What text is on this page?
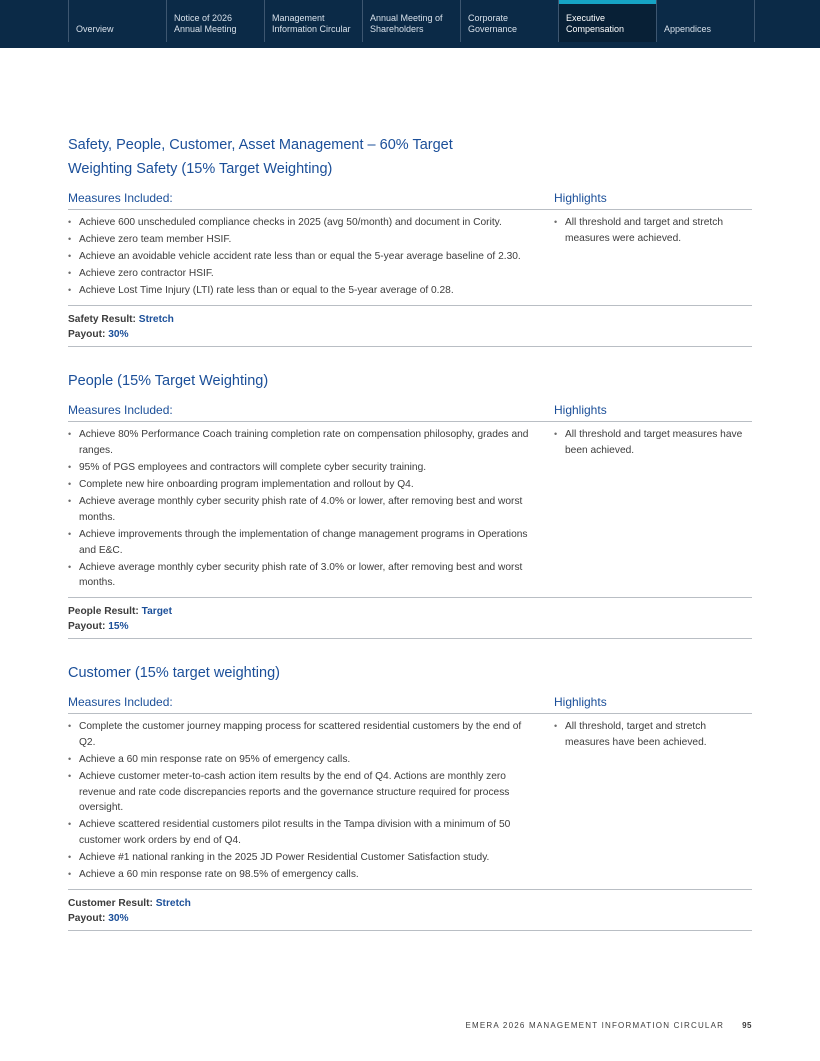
Overview
Notice of 2026
Annual Meeting
Management
Information Circular
Annual Meeting of
Shareholders
Corporate
Governance
Executive
Compensation	Appendices
Safety, People, Customer, Asset Management – 60% Target
Weighting Safety (15% Target Weighting)
Measures Included:	Highlights
• Achieve 600 unscheduled compliance checks in 2025 (avg 50/month) and document in Cority.
• Achieve zero team member HSIF.
• Achieve an avoidable vehicle accident rate less than or equal the 5-year average baseline of 2.30.
• Achieve zero contractor HSIF.
• Achieve Lost Time Injury (LTI) rate less than or equal to the 5-year average of 0.28.
• All threshold and target and stretch measures were achieved.
Safety Result: Stretch
Payout: 30%
People (15% Target Weighting)
Measures Included:	Highlights
• Achieve 80% Performance Coach training completion rate on compensation philosophy, grades and ranges.
• 95% of PGS employees and contractors will complete cyber security training.
• Complete new hire onboarding program implementation and rollout by Q4.
• Achieve average monthly cyber security phish rate of 4.0% or lower, after removing best and worst months.
• Achieve improvements through the implementation of change management programs in Operations and E&C.
• Achieve average monthly cyber security phish rate of 3.0% or lower, after removing best and worst months.
• All threshold and target measures have been achieved.
People Result: Target
Payout: 15%
Customer (15% target weighting)
Measures Included:	Highlights
• Complete the customer journey mapping process for scattered residential customers by the end of Q2.
• Achieve a 60 min response rate on 95% of emergency calls.
• Achieve customer meter-to-cash action item results by the end of Q4. Actions are monthly zero revenue and rate code discrepancies reports and the governance structure required for process oversight.
• Achieve scattered residential customers pilot results in the Tampa division with a minimum of 50 customer work orders by end of Q4.
• Achieve #1 national ranking in the 2025 JD Power Residential Customer Satisfaction study.
• Achieve a 60 min response rate on 98.5% of emergency calls.
• All threshold, target and stretch measures have been achieved.
Customer Result: Stretch
Payout: 30%
EMERA 2026 MANAGEMENT INFORMATION CIRCULAR 95
